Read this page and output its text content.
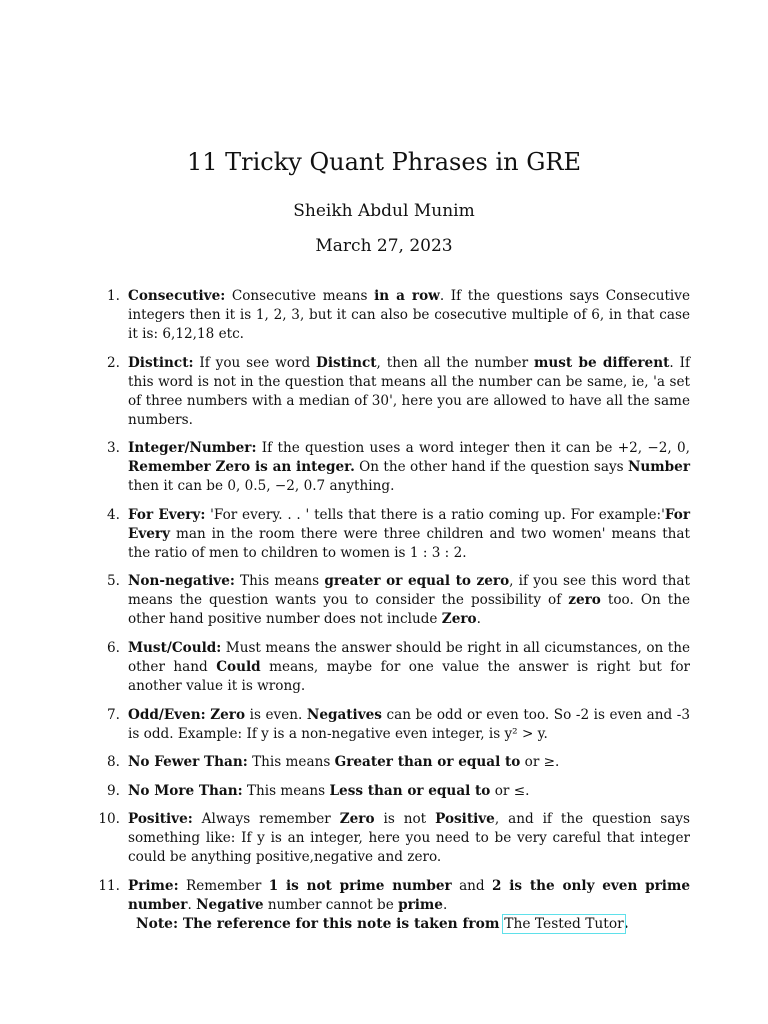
11 Tricky Quant Phrases in GRE
Sheikh Abdul Munim
March 27, 2023
1. Consecutive: Consecutive means in a row. If the questions says Consecutive integers then it is 1, 2, 3, but it can also be cosecutive multiple of 6, in that case it is: 6,12,18 etc.
2. Distinct: If you see word Distinct, then all the number must be different. If this word is not in the question that means all the number can be same, ie, 'a set of three numbers with a median of 30', here you are allowed to have all the same numbers.
3. Integer/Number: If the question uses a word integer then it can be +2, −2, 0, Remember Zero is an integer. On the other hand if the question says Number then it can be 0, 0.5, −2, 0.7 anything.
4. For Every: 'For every. . . ' tells that there is a ratio coming up. For example:'For Every man in the room there were three children and two women' means that the ratio of men to children to women is 1 : 3 : 2.
5. Non-negative: This means greater or equal to zero, if you see this word that means the question wants you to consider the possibility of zero too. On the other hand positive number does not include Zero.
6. Must/Could: Must means the answer should be right in all cicumstances, on the other hand Could means, maybe for one value the answer is right but for another value it is wrong.
7. Odd/Even: Zero is even. Negatives can be odd or even too. So -2 is even and -3 is odd. Example: If y is a non-negative even integer, is y² > y.
8. No Fewer Than: This means Greater than or equal to or ≥.
9. No More Than: This means Less than or equal to or ≤.
10. Positive: Always remember Zero is not Positive, and if the question says something like: If y is an integer, here you need to be very careful that integer could be anything positive,negative and zero.
11. Prime: Remember 1 is not prime number and 2 is the only even prime number. Negative number cannot be prime.
Note: The reference for this note is taken from The Tested Tutor.
